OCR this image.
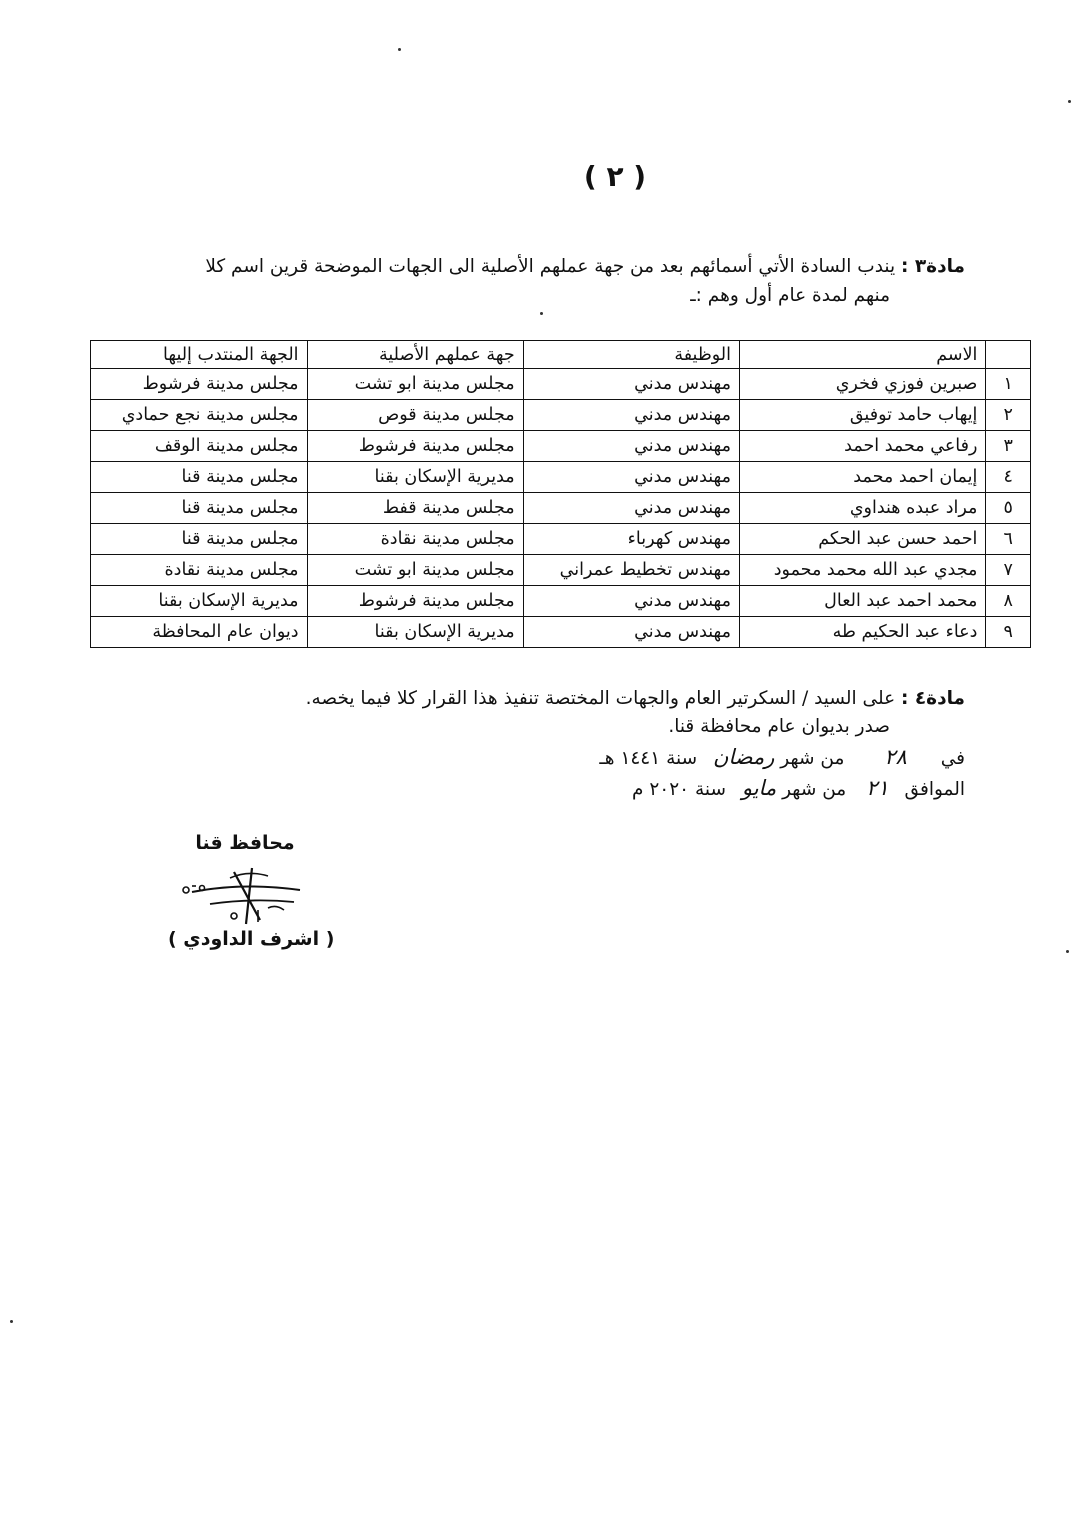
( ٢ )
مادة٣ : يندب السادة الأتي أسمائهم بعد من جهة عملهم الأصلية الى الجهات الموضحة قرين اسم كلا
منهم لمدة عام أول وهم :ـ
	الاسم	الوظيفة	جهة عملهم الأصلية	الجهة المنتدب إليها
١	صبرين فوزي فخري	مهندس مدني	مجلس مدينة ابو تشت	مجلس مدينة فرشوط
٢	إيهاب حامد توفيق	مهندس مدني	مجلس مدينة قوص	مجلس مدينة نجع حمادي
٣	رفاعي محمد احمد	مهندس مدني	مجلس مدينة فرشوط	مجلس مدينة الوقف
٤	إيمان احمد محمد	مهندس مدني	مديرية الإسكان بقنا	مجلس مدينة قنا
٥	مراد عبده هنداوي	مهندس مدني	مجلس مدينة قفط	مجلس مدينة قنا
٦	احمد حسن عبد الحكم	مهندس كهرباء	مجلس مدينة نقادة	مجلس مدينة قنا
٧	مجدي عبد الله محمد محمود	مهندس تخطيط عمراني	مجلس مدينة ابو تشت	مجلس مدينة نقادة
٨	محمد احمد عبد العال	مهندس مدني	مجلس مدينة فرشوط	مديرية الإسكان بقنا
٩	دعاء عبد الحكيم طه	مهندس مدني	مديرية الإسكان بقنا	ديوان عام المحافظة
مادة٤ : على السيد / السكرتير العام والجهات المختصة تنفيذ هذا القرار كلا فيما يخصه.
صدر بديوان عام محافظة قنا.
في ٢٨ من شهر رمضان سنة ١٤٤١ هـ
الموافق ٢١ من شهر مايو سنة ٢٠٢٠ م
محافظ قنا
( اشرف الداودي )
